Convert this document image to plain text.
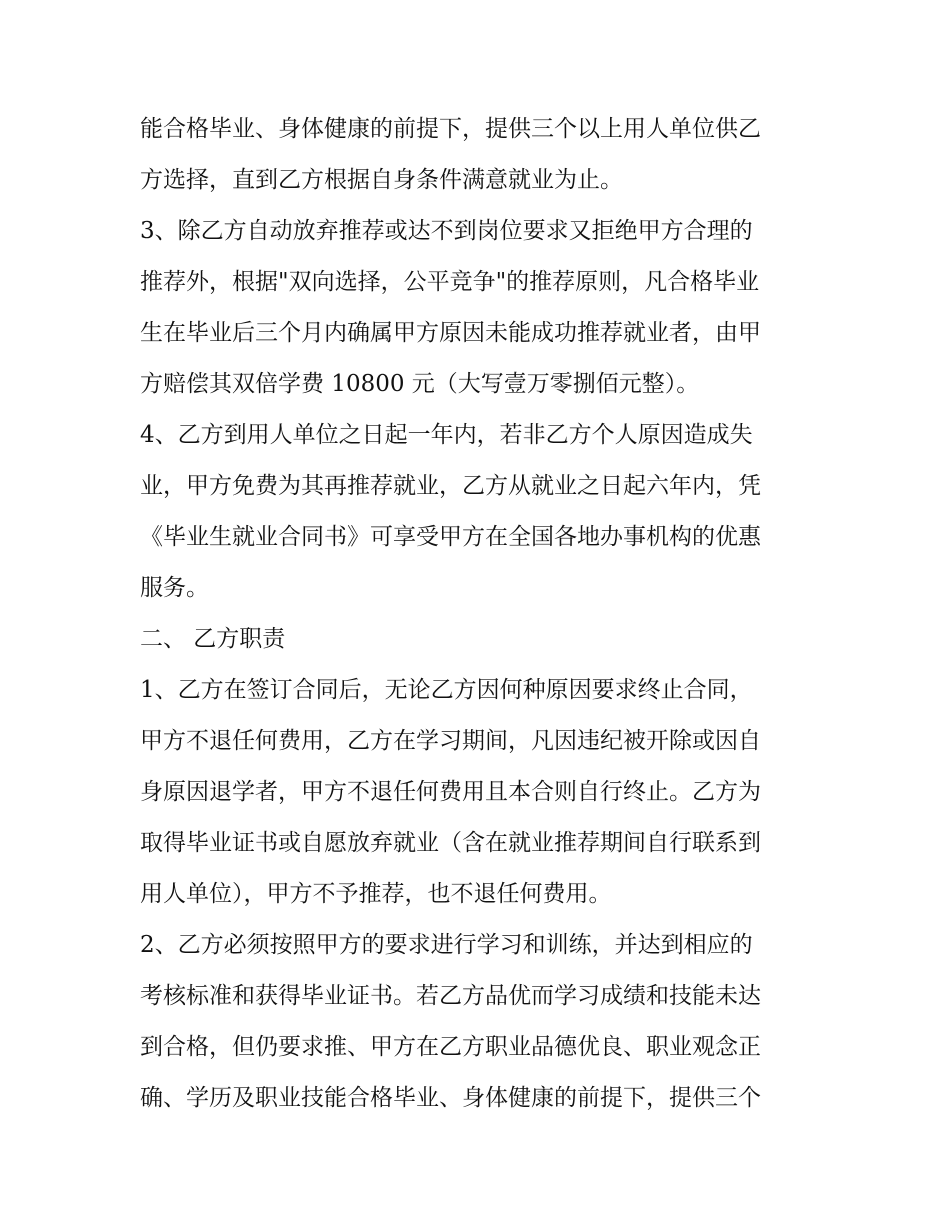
能合格毕业、身体健康的前提下，提供三个以上用人单位供乙
方选择，直到乙方根据自身条件满意就业为止。
3、除乙方自动放弃推荐或达不到岗位要求又拒绝甲方合理的
推荐外，根据"双向选择，公平竞争"的推荐原则，凡合格毕业
生在毕业后三个月内确属甲方原因未能成功推荐就业者，由甲
方赔偿其双倍学费 10800 元（大写壹万零捌佰元整）。
4、乙方到用人单位之日起一年内，若非乙方个人原因造成失
业，甲方免费为其再推荐就业，乙方从就业之日起六年内，凭
《毕业生就业合同书》可享受甲方在全国各地办事机构的优惠
服务。
二、 乙方职责
1、乙方在签订合同后，无论乙方因何种原因要求终止合同，
甲方不退任何费用，乙方在学习期间，凡因违纪被开除或因自
身原因退学者，甲方不退任何费用且本合则自行终止。乙方为
取得毕业证书或自愿放弃就业（含在就业推荐期间自行联系到
用人单位），甲方不予推荐，也不退任何费用。
2、乙方必须按照甲方的要求进行学习和训练，并达到相应的
考核标准和获得毕业证书。若乙方品优而学习成绩和技能未达
到合格，但仍要求推、甲方在乙方职业品德优良、职业观念正
确、学历及职业技能合格毕业、身体健康的前提下，提供三个
